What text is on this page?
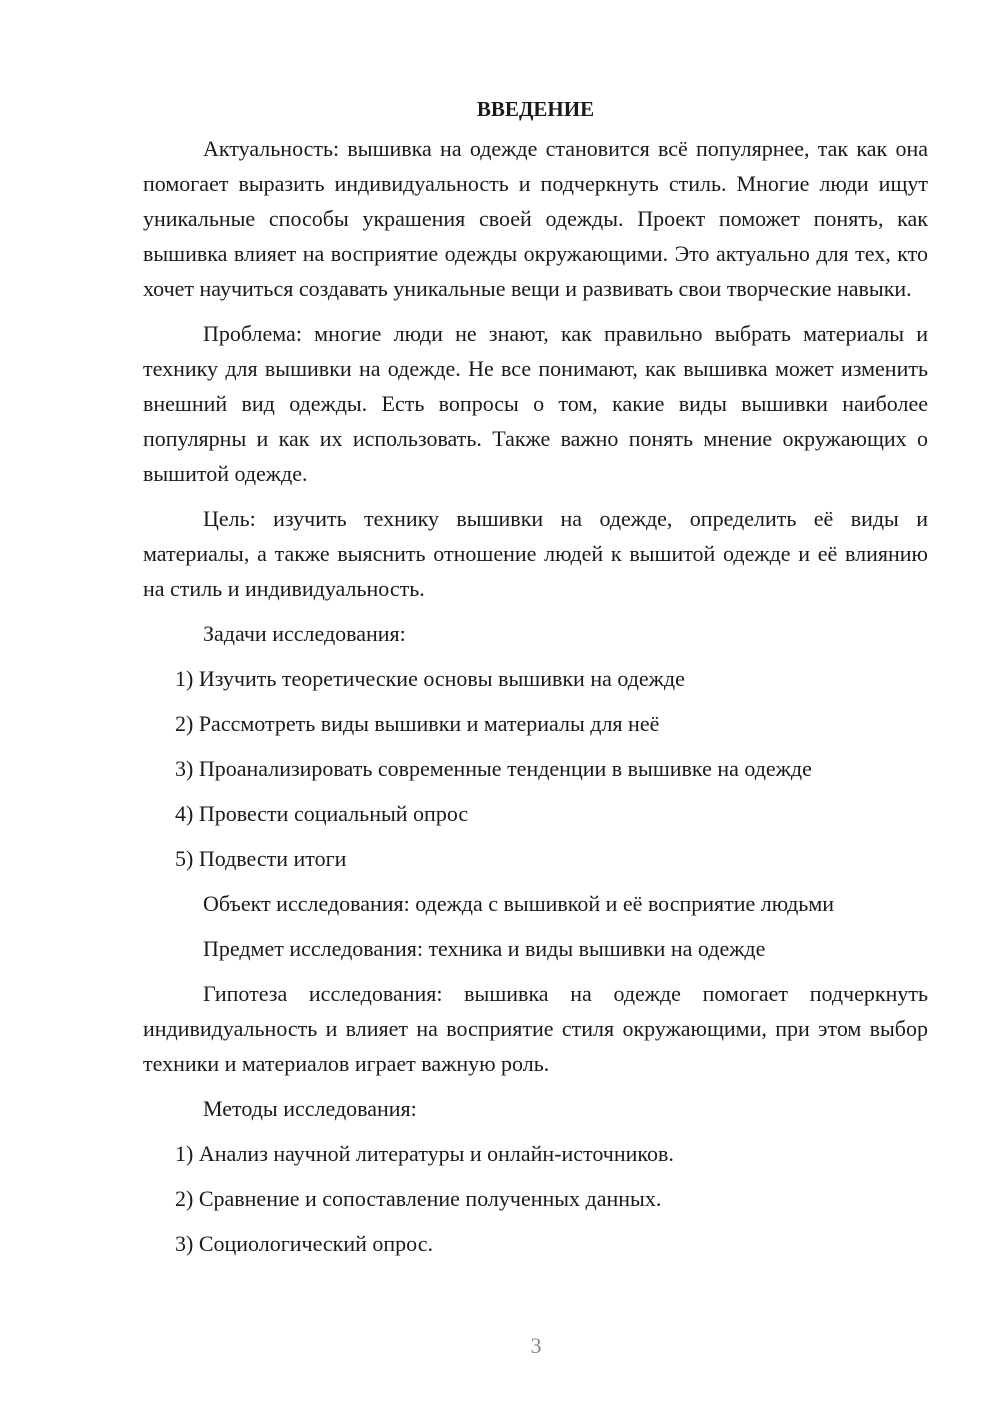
ВВЕДЕНИЕ

Актуальность: вышивка на одежде становится всё популярнее, так как она помогает выразить индивидуальность и подчеркнуть стиль. Многие люди ищут уникальные способы украшения своей одежды. Проект поможет понять, как вышивка влияет на восприятие одежды окружающими. Это актуально для тех, кто хочет научиться создавать уникальные вещи и развивать свои творческие навыки.

Проблема: многие люди не знают, как правильно выбрать материалы и технику для вышивки на одежде. Не все понимают, как вышивка может изменить внешний вид одежды. Есть вопросы о том, какие виды вышивки наиболее популярны и как их использовать. Также важно понять мнение окружающих о вышитой одежде.

Цель: изучить технику вышивки на одежде, определить её виды и материалы, а также выяснить отношение людей к вышитой одежде и её влиянию на стиль и индивидуальность.

Задачи исследования:

1) Изучить теоретические основы вышивки на одежде
2) Рассмотреть виды вышивки и материалы для неё
3) Проанализировать современные тенденции в вышивке на одежде
4) Провести социальный опрос
5) Подвести итоги

Объект исследования: одежда с вышивкой и её восприятие людьми

Предмет исследования: техника и виды вышивки на одежде

Гипотеза исследования: вышивка на одежде помогает подчеркнуть индивидуальность и влияет на восприятие стиля окружающими, при этом выбор техники и материалов играет важную роль.

Методы исследования:

1) Анализ научной литературы и онлайн-источников.
2) Сравнение и сопоставление полученных данных.
3) Социологический опрос.
3
